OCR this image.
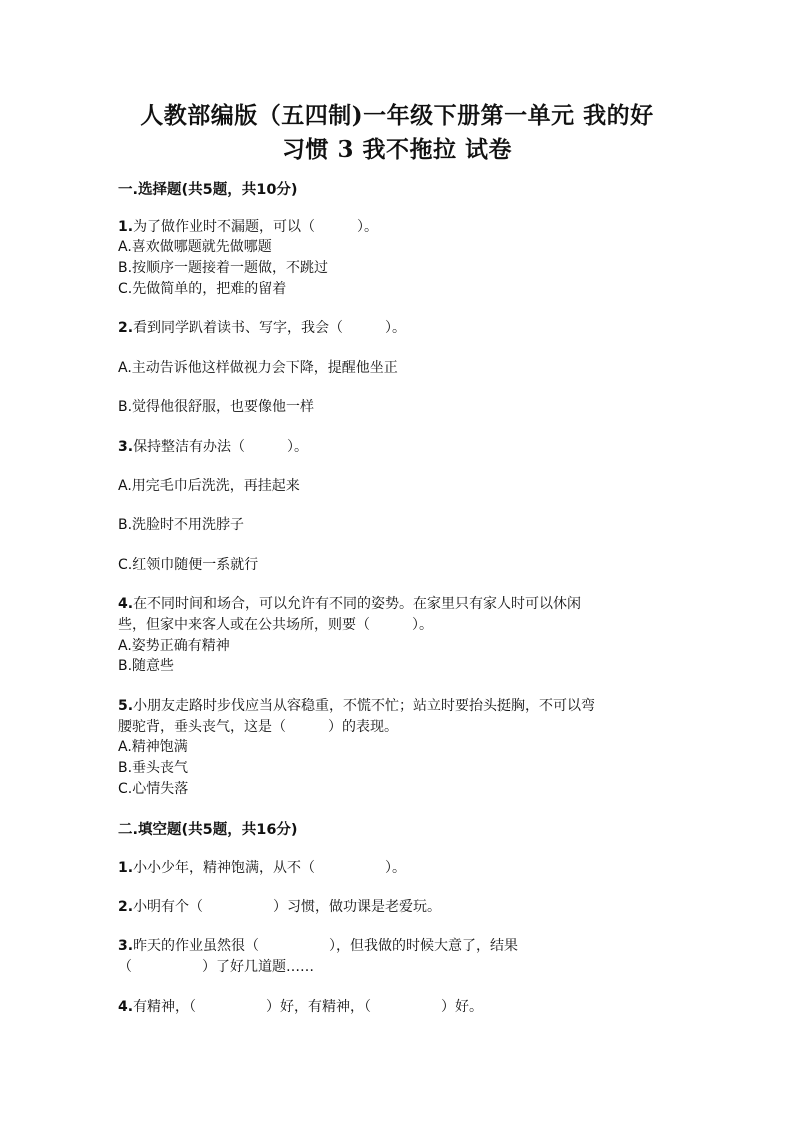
人教部编版（五四制)一年级下册第一单元 我的好
习惯 3 我不拖拉 试卷
一.选择题(共5题，共10分)
1.为了做作业时不漏题，可以（　　　）。
A.喜欢做哪题就先做哪题
B.按顺序一题接着一题做，不跳过
C.先做简单的，把难的留着
2.看到同学趴着读书、写字，我会（　　　）。
A.主动告诉他这样做视力会下降，提醒他坐正
B.觉得他很舒服，也要像他一样
3.保持整洁有办法（　　　）。
A.用完毛巾后洗洗，再挂起来
B.洗脸时不用洗脖子
C.红领巾随便一系就行
4.在不同时间和场合，可以允许有不同的姿势。在家里只有家人时可以休闲
些，但家中来客人或在公共场所，则要（　　　）。
A.姿势正确有精神
B.随意些
5.小朋友走路时步伐应当从容稳重，不慌不忙；站立时要抬头挺胸，不可以弯
腰驼背，垂头丧气，这是（　　　）的表现。
A.精神饱满
B.垂头丧气
C.心情失落
二.填空题(共5题，共16分)
1.小小少年，精神饱满，从不（　　　　　）。
2.小明有个（　　　　　）习惯，做功课是老爱玩。
3.昨天的作业虽然很（　　　　　），但我做的时候大意了，结果
（　　　　　）了好几道题……
4.有精神，（　　　　　）好，有精神，（　　　　　）好。
